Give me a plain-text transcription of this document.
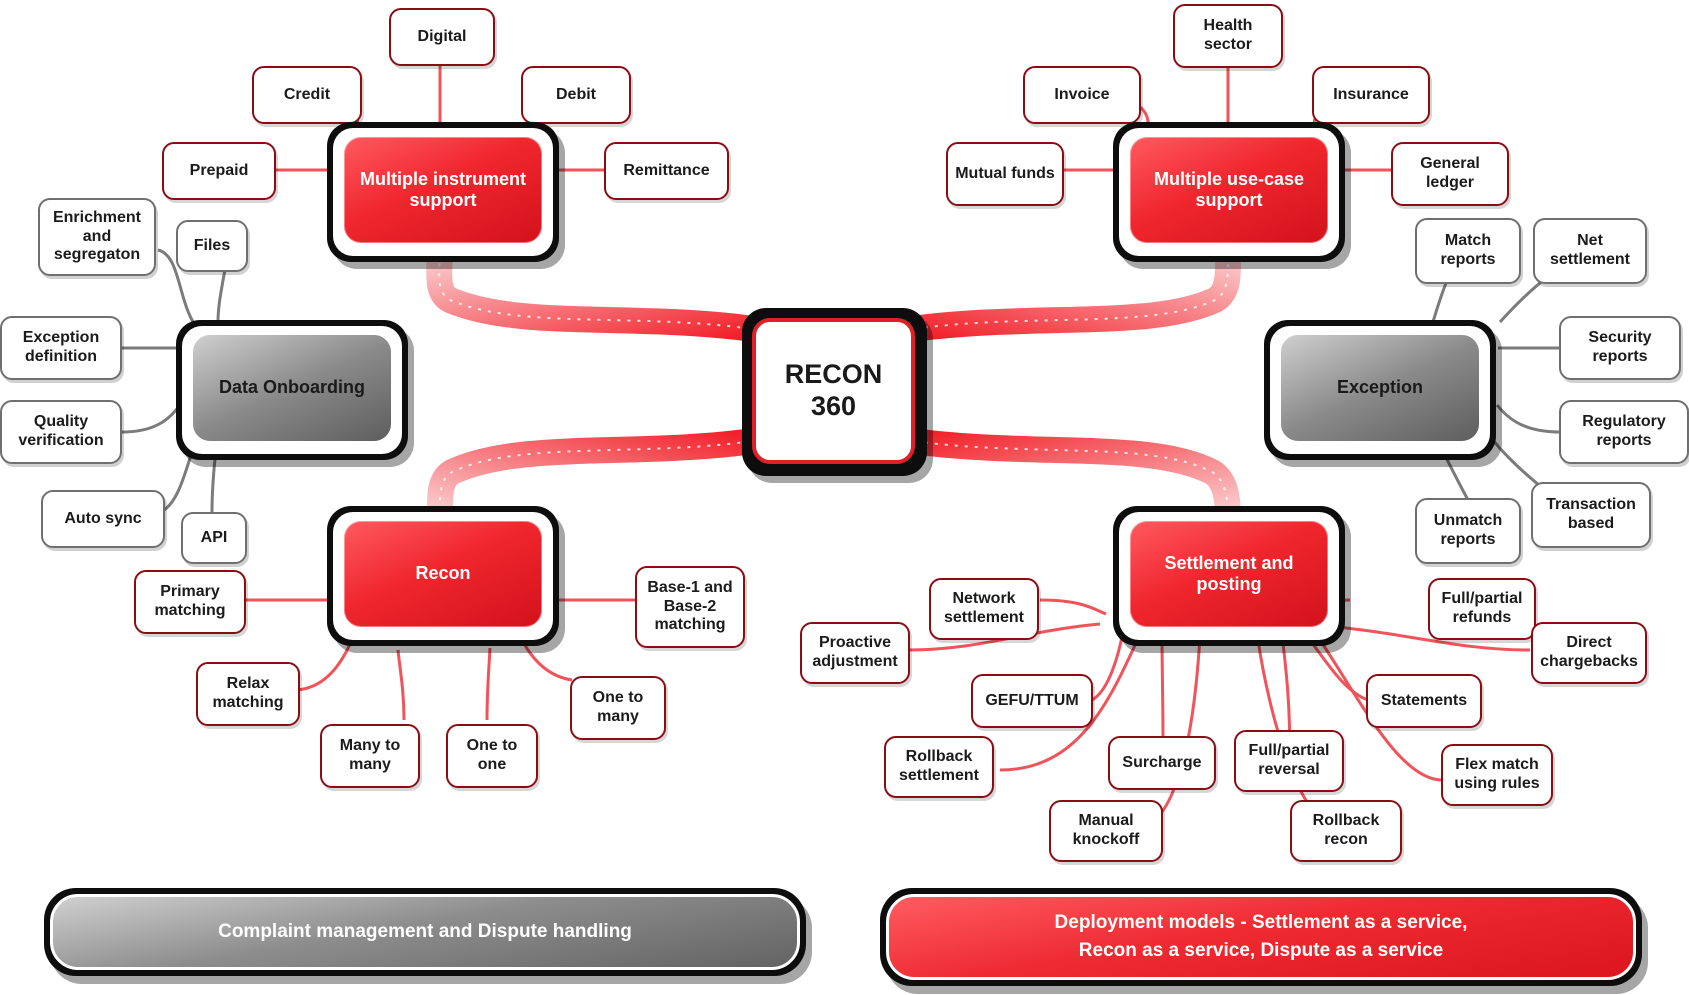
RECON 360
Multiple instrument support
Digital
Credit	Debit
Prepaid	Remittance	Multiple use-case support
Health sector
Invoice	Insurance
Mutual funds
General ledger
Data Onboarding
Enrichment and segregaton
Files
Exception definition
Quality verification
Auto sync
API
Exception
Match reports
Net settlement
Security reports
Regulatory reports
Unmatch reports
Transaction based
Recon
Primary matching
Base-1 and Base-2 matching
Relax matching
Many to many
One to one
One to many
Settlement and posting
Network settlement
Full/partial refunds
Proactive adjustment
Direct chargebacks
GEFU/TTUM	Statements
Rollback settlement
Surcharge
Full/partial reversal	Flex match using rules
Manual knockoff
Rollback recon
Complaint management and Dispute handling	Deployment models - Settlement as a service,
Recon as a service, Dispute as a service
